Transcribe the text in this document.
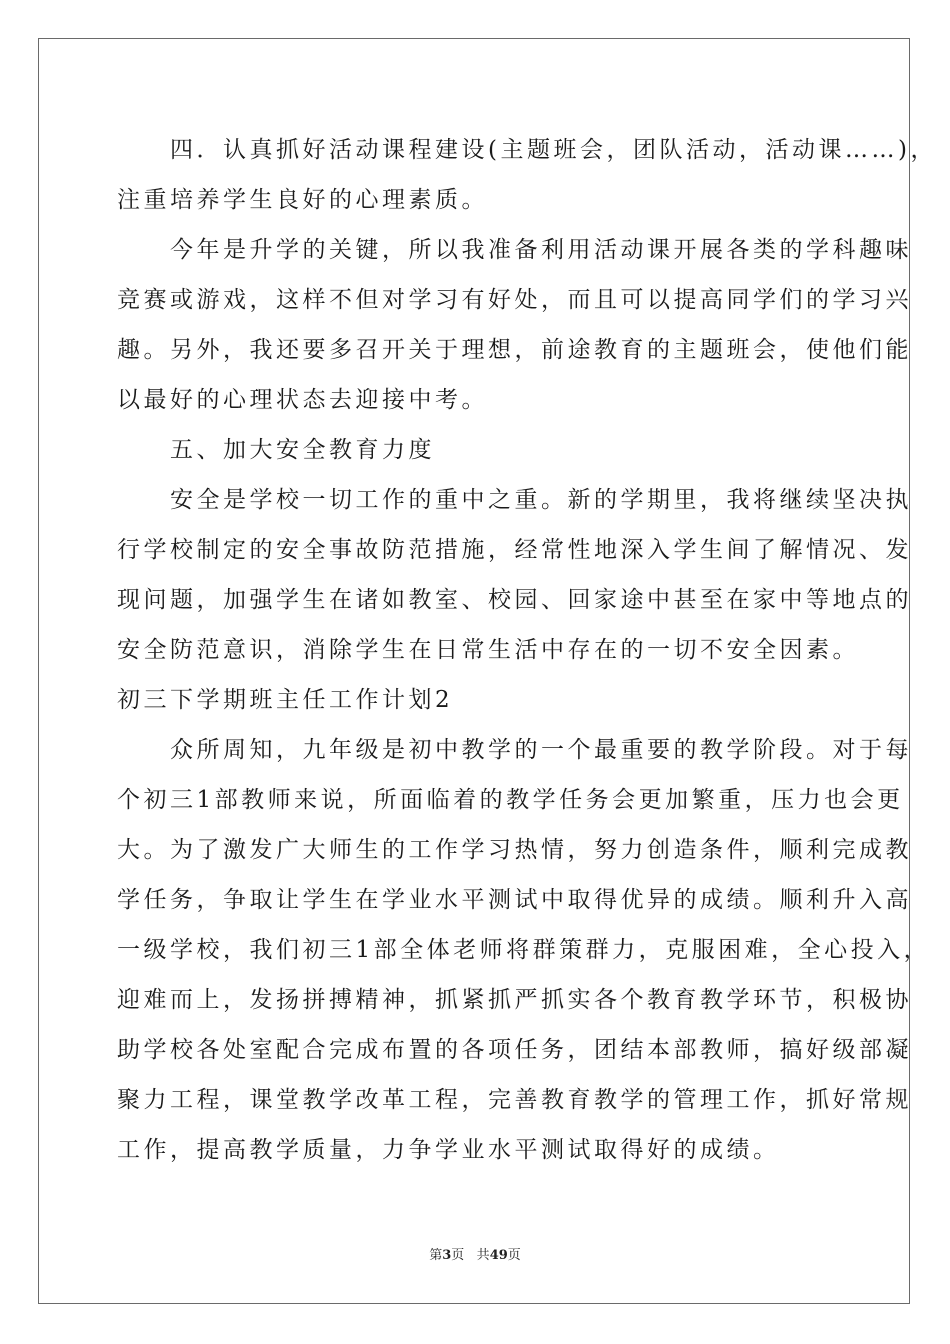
　　四．认真抓好活动课程建设(主题班会，团队活动，活动课……)，
注重培养学生良好的心理素质。
　　今年是升学的关键，所以我准备利用活动课开展各类的学科趣味
竞赛或游戏，这样不但对学习有好处，而且可以提高同学们的学习兴
趣。另外，我还要多召开关于理想，前途教育的主题班会，使他们能
以最好的心理状态去迎接中考。
　　五、加大安全教育力度
　　安全是学校一切工作的重中之重。新的学期里，我将继续坚决执
行学校制定的安全事故防范措施，经常性地深入学生间了解情况、发
现问题，加强学生在诸如教室、校园、回家途中甚至在家中等地点的
安全防范意识，消除学生在日常生活中存在的一切不安全因素。
初三下学期班主任工作计划2
　　众所周知，九年级是初中教学的一个最重要的教学阶段。对于每
个初三1部教师来说，所面临着的教学任务会更加繁重，压力也会更
大。为了激发广大师生的工作学习热情，努力创造条件，顺利完成教
学任务，争取让学生在学业水平测试中取得优异的成绩。顺利升入高
一级学校，我们初三1部全体老师将群策群力，克服困难，全心投入，
迎难而上，发扬拼搏精神，抓紧抓严抓实各个教育教学环节，积极协
助学校各处室配合完成布置的各项任务，团结本部教师，搞好级部凝
聚力工程，课堂教学改革工程，完善教育教学的管理工作，抓好常规
工作，提高教学质量，力争学业水平测试取得好的成绩。
第3页 共49页
